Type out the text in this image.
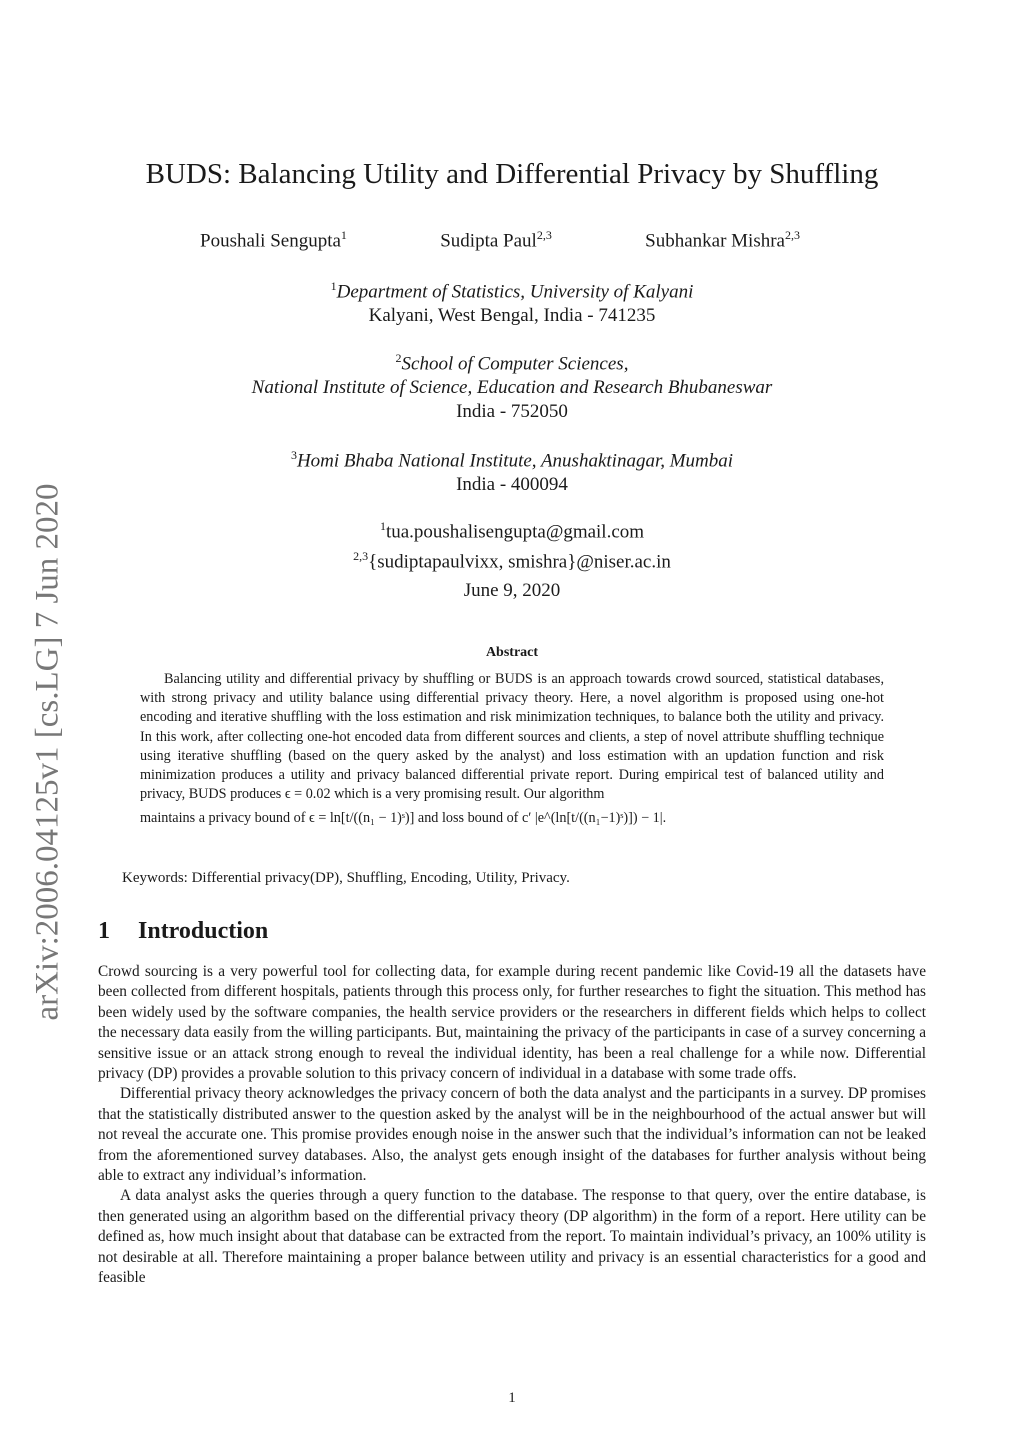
arXiv:2006.04125v1 [cs.LG] 7 Jun 2020
BUDS: Balancing Utility and Differential Privacy by Shuffling
Poushali Sengupta$^1$	Sudipta Paul$^{2,3}$	Subhankar Mishra$^{2,3}$
$^1$Department of Statistics, University of Kalyani
Kalyani, West Bengal, India - 741235
$^2$School of Computer Sciences,
National Institute of Science, Education and Research Bhubaneswar
India - 752050
$^3$Homi Bhaba National Institute, Anushaktinagar, Mumbai
India - 400094
$^1$tua.poushalisengupta@gmail.com
$^{2,3}${sudiptapaulvixx, smishra}@niser.ac.in
June 9, 2020
Abstract
Balancing utility and differential privacy by shuffling or BUDS is an approach towards crowd sourced, statistical databases, with strong privacy and utility balance using differential privacy theory. Here, a novel algorithm is proposed using one-hot encoding and iterative shuffling with the loss estimation and risk minimization techniques, to balance both the utility and privacy. In this work, after collecting one-hot encoded data from different sources and clients, a step of novel attribute shuffling technique using iterative shuffling (based on the query asked by the analyst) and loss estimation with an updation function and risk minimization produces a utility and privacy balanced differential private report. During empirical test of balanced utility and privacy, BUDS produces ϵ = 0.02 which is a very promising result. Our algorithm
maintains a privacy bound of ϵ = ln[t/((n₁ − 1)ˢ)] and loss bound of c′ |e^(ln[t/((n₁−1)ˢ)]) − 1|.
Keywords: Differential privacy(DP), Shuffling, Encoding, Utility, Privacy.
1 Introduction

Crowd sourcing is a very powerful tool for collecting data, for example during recent pandemic like Covid-19 all the datasets have been collected from different hospitals, patients through this process only, for further researches to fight the situation. This method has been widely used by the software companies, the health service providers or the researchers in different fields which helps to collect the necessary data easily from the willing participants. But, maintaining the privacy of the participants in case of a survey concerning a sensitive issue or an attack strong enough to reveal the individual identity, has been a real challenge for a while now. Differential privacy (DP) provides a provable solution to this privacy concern of individual in a database with some trade offs.

Differential privacy theory acknowledges the privacy concern of both the data analyst and the participants in a survey. DP promises that the statistically distributed answer to the question asked by the analyst will be in the neighbourhood of the actual answer but will not reveal the accurate one. This promise provides enough noise in the answer such that the individual’s information can not be leaked from the aforementioned survey databases. Also, the analyst gets enough insight of the databases for further analysis without being able to extract any individual’s information.

A data analyst asks the queries through a query function to the database. The response to that query, over the entire database, is then generated using an algorithm based on the differential privacy theory (DP algorithm) in the form of a report. Here utility can be defined as, how much insight about that database can be extracted from the report. To maintain individual’s privacy, an 100% utility is not desirable at all. Therefore maintaining a proper balance between utility and privacy is an essential characteristics for a good and feasible

1
